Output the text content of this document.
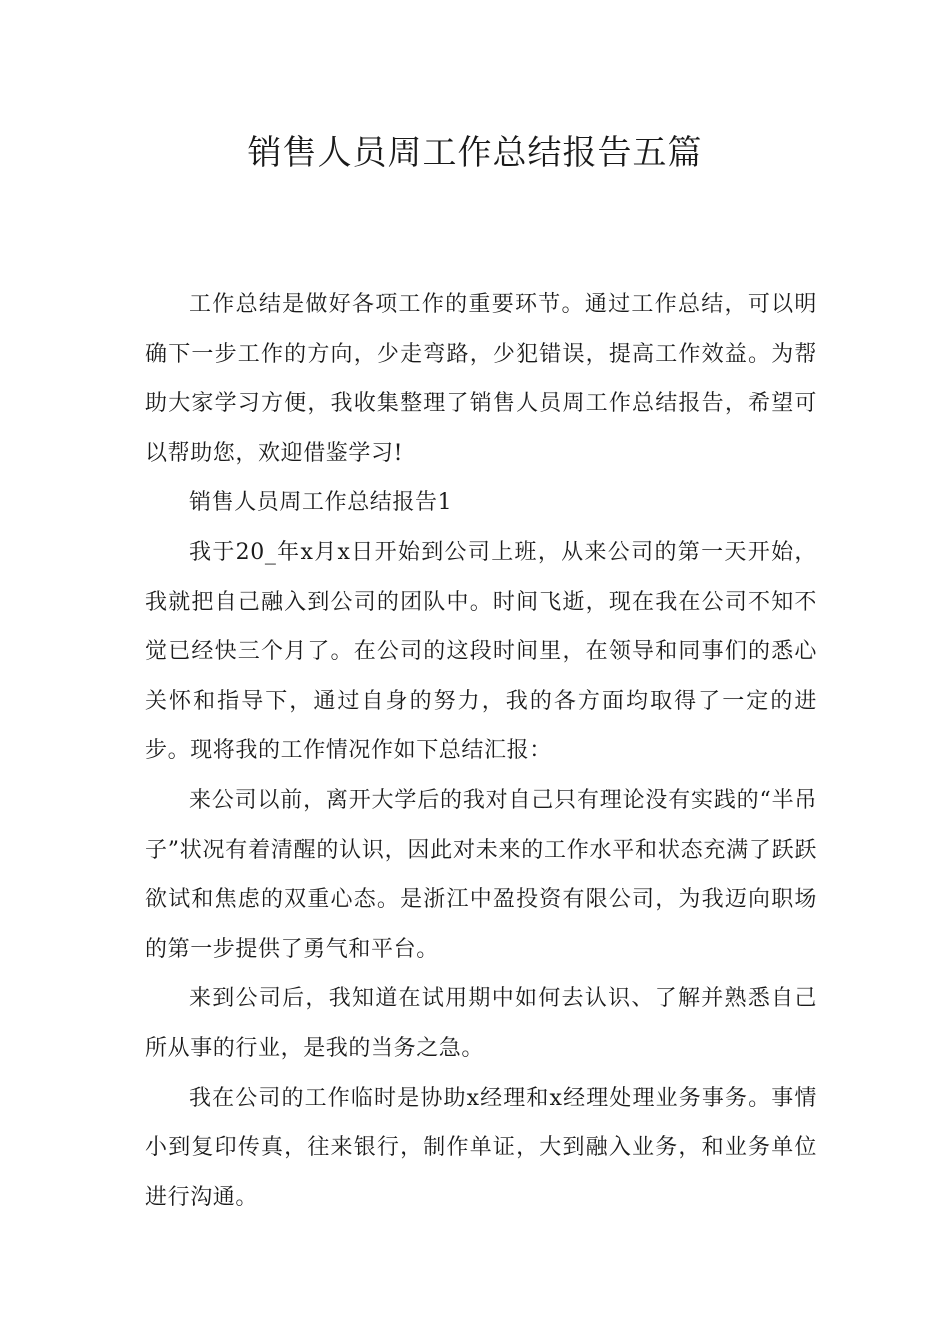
销售人员周工作总结报告五篇

工作总结是做好各项工作的重要环节。通过工作总结，可以明确下一步工作的方向，少走弯路，少犯错误，提高工作效益。为帮助大家学习方便，我收集整理了销售人员周工作总结报告，希望可以帮助您，欢迎借鉴学习!

销售人员周工作总结报告1

我于20_年x月x日开始到公司上班，从来公司的第一天开始，我就把自己融入到公司的团队中。时间飞逝，现在我在公司不知不觉已经快三个月了。在公司的这段时间里，在领导和同事们的悉心关怀和指导下，通过自身的努力，我的各方面均取得了一定的进步。现将我的工作情况作如下总结汇报：

来公司以前，离开大学后的我对自己只有理论没有实践的“半吊子”状况有着清醒的认识，因此对未来的工作水平和状态充满了跃跃欲试和焦虑的双重心态。是浙江中盈投资有限公司，为我迈向职场的第一步提供了勇气和平台。

来到公司后，我知道在试用期中如何去认识、了解并熟悉自己所从事的行业，是我的当务之急。

我在公司的工作临时是协助x经理和x经理处理业务事务。事情小到复印传真，往来银行，制作单证，大到融入业务，和业务单位进行沟通。
